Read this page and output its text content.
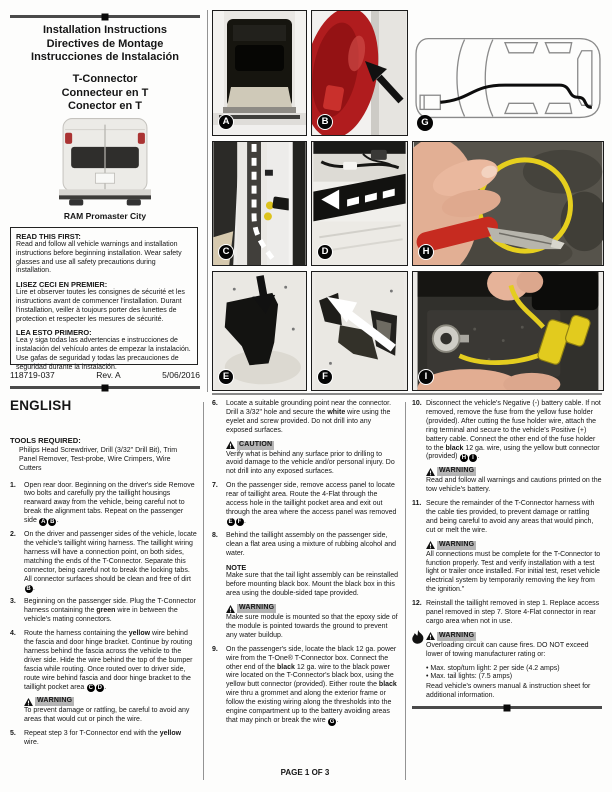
Installation Instructions
Directives de Montage
Instrucciones de Instalación
T-Connector
Connecteur en T
Conector en T
RAM Promaster City
READ THIS FIRST:
Read and follow all vehicle warnings and installation instructions before beginning installation. Wear safety glasses and use all safety precautions during installation.
LISEZ CECI EN PREMIER:
Lire et observer toutes les consignes de sécurité et les instructions avant de commencer l'installation. Durant l'installation, veiller à toujours porter des lunettes de protection et respecter les mesures de sécurité.
LEA ESTO PRIMERO:
Lea y siga todas las advertencias e instrucciones de instalación del vehículo antes de empezar la instalación. Use gafas de seguridad y todas las precauciones de seguridad durante la instalación.
118719-037	Rev. A	5/06/2016
A	B	G
C	D	H
E	F	I
ENGLISH
TOOLS REQUIRED:
Philips Head Screwdriver, Drill (3/32" Drill Bit), Trim Panel Remover, Test-probe, Wire Crimpers, Wire Cutters
1.	Open rear door. Beginning on the driver's side Remove two bolts and carefully pry the taillight housings rearward away from the vehicle, being careful not to break the alignment tabs. Repeat on the passenger side A B .
2.	On the driver and passenger sides of the vehicle, locate the vehicle's taillight wiring harness. The taillight wiring harness will have a connection point, on both sides, matching the ends of the T-Connector. Separate this connector, being careful not to break the locking tabs. All connector surfaces should be clean and free of dirt B .
3.	Beginning on the passenger side. Plug the T-Connector harness containing the green wire in between the vehicle's mating connectors.
4.	Route the harness containing the yellow wire behind the fascia and door hinge bracket. Continue by routing harness behind the fascia across the vehicle to the driver side. Hide the wire behind the top of the bumper fascia while routing. Once routed over to driver side, route wire behind fascia and door hinge bracket to the taillight pocket area C D .
WARNING
To prevent damage or rattling, be careful to avoid any areas that would cut or pinch the wire.
5.	Repeat step 3 for T-Connector end with the yellow wire.
6.	Locate a suitable grounding point near the connector. Drill a 3/32" hole and secure the white wire using the eyelet and screw provided. Do not drill into any exposed surfaces.
CAUTION
Verify what is behind any surface prior to drilling to avoid damage to the vehicle and/or personal injury. Do not drill into any exposed surfaces.
7.	On the passenger side, remove access panel to locate rear of taillight area. Route the 4-Flat through the access hole in the taillight pocket area and exit out through the area where the access panel was removed E F .
8.	Behind the taillight assembly on the passenger side, clean a flat area using a mixture of rubbing alcohol and water.
NOTE
Make sure that the tail light assembly can be reinstalled before mounting black box. Mount the black box in this area using the double-sided tape provided.
WARNING
Make sure module is mounted so that the epoxy side of the module is pointed towards the ground to prevent any water buildup.
9.	On the passenger's side, locate the black 12 ga. power wire from the T-One® T-Connector box. Connect the other end of the black 12 ga. wire to the black power wire located on the T-Connector's black box, using the yellow butt connector (provided). Either route the black wire thru a grommet and along the exterior frame or follow the existing wiring along the thresholds into the engine compartment up to the battery avoiding areas that may pinch or break the wire G .
10. Disconnect the vehicle's Negative (-) battery cable. If not removed, remove the fuse from the yellow fuse holder (provided). After cutting the fuse holder wire, attach the ring terminal and secure to the vehicle's Positive (+) battery cable. Connect the other end of the fuse holder to the black 12 ga. wire, using the yellow butt connector (provided) H I .
WARNING
Read and follow all warnings and cautions printed on the tow vehicle's battery.
11. Secure the remainder of the T-Connector harness with the cable ties provided, to prevent damage or rattling and being careful to avoid any areas that would pinch, cut or melt the wire.
WARNING
All connections must be complete for the T-Connector to function properly. Test and verify installation with a test light or trailer once installed. For initial test, reset vehicle electrical system by temporarily removing the key from the ignition."
12. Reinstall the taillight removed in step 1. Replace access panel removed in step 7. Store 4-Flat connector in rear cargo area when not in use.
WARNING
Overloading circuit can cause fires. DO NOT exceed lower of towing manufacturer rating or:
• Max. stop/turn light: 2 per side (4.2 amps)
• Max. tail lights: (7.5 amps)
Read vehicle's owners manual & instruction sheet for additional information.
PAGE 1 OF 3
